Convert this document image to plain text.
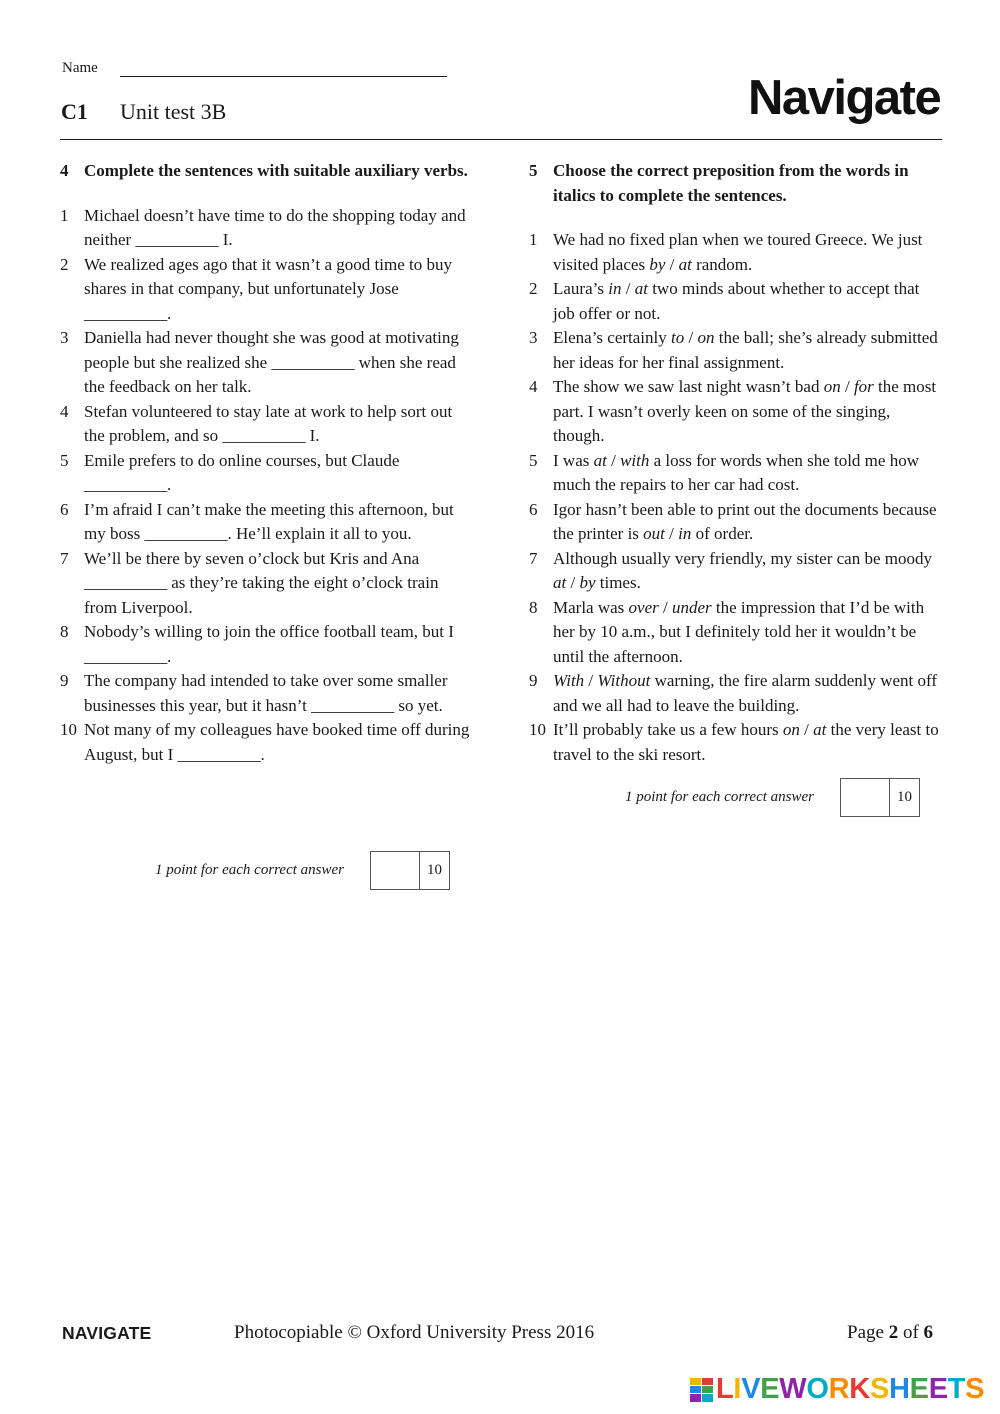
Name
C1 Unit test 3B	Navigate
4 Complete the sentences with suitable auxiliary verbs.
1 Michael doesn’t have time to do the shopping today and neither __________ I.
2 We realized ages ago that it wasn’t a good time to buy shares in that company, but unfortunately Jose __________.
3 Daniella had never thought she was good at motivating people but she realized she __________ when she read the feedback on her talk.
4 Stefan volunteered to stay late at work to help sort out the problem, and so __________ I.
5 Emile prefers to do online courses, but Claude __________.
6 I’m afraid I can’t make the meeting this afternoon, but my boss __________. He’ll explain it all to you.
7 We’ll be there by seven o’clock but Kris and Ana __________ as they’re taking the eight o’clock train from Liverpool.
8 Nobody’s willing to join the office football team, but I __________.
9 The company had intended to take over some smaller businesses this year, but it hasn’t __________ so yet.
10 Not many of my colleagues have booked time off during August, but I __________.
1 point for each correct answer	10
5 Choose the correct preposition from the words in italics to complete the sentences.
1 We had no fixed plan when we toured Greece. We just visited places by / at random.
2 Laura’s in / at two minds about whether to accept that job offer or not.
3 Elena’s certainly to / on the ball; she’s already submitted her ideas for her final assignment.
4 The show we saw last night wasn’t bad on / for the most part. I wasn’t overly keen on some of the singing, though.
5 I was at / with a loss for words when she told me how much the repairs to her car had cost.
6 Igor hasn’t been able to print out the documents because the printer is out / in of order.
7 Although usually very friendly, my sister can be moody at / by times.
8 Marla was over / under the impression that I’d be with her by 10 a.m., but I definitely told her it wouldn’t be until the afternoon.
9 With / Without warning, the fire alarm suddenly went off and we all had to leave the building.
10 It’ll probably take us a few hours on / at the very least to travel to the ski resort.
1 point for each correct answer	10
NAVIGATE	Photocopiable © Oxford University Press 2016	Page 2 of 6
LIVEWORKSHEETS
